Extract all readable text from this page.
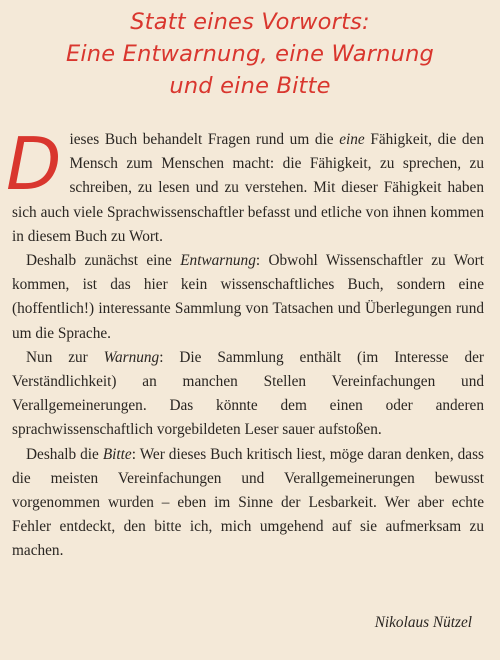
Statt eines Vorworts:
Eine Entwarnung, eine Warnung
und eine Bitte

Dieses Buch behandelt Fragen rund um die eine Fähigkeit, die den Mensch zum Menschen macht: die Fähigkeit, zu sprechen, zu schreiben, zu lesen und zu verstehen. Mit dieser Fähigkeit haben sich auch viele Sprachwissenschaftler befasst und etliche von ihnen kommen in diesem Buch zu Wort.

Deshalb zunächst eine Entwarnung: Obwohl Wissenschaftler zu Wort kommen, ist das hier kein wissenschaftliches Buch, sondern eine (hoffentlich!) interessante Sammlung von Tatsachen und Überlegungen rund um die Sprache.

Nun zur Warnung: Die Sammlung enthält (im Interesse der Verständlichkeit) an manchen Stellen Vereinfachungen und Verallgemeinerungen. Das könnte dem einen oder anderen sprachwissenschaftlich vorgebildeten Leser sauer aufstoßen.

Deshalb die Bitte: Wer dieses Buch kritisch liest, möge daran denken, dass die meisten Vereinfachungen und Verallgemeinerungen bewusst vorgenommen wurden – eben im Sinne der Lesbarkeit. Wer aber echte Fehler entdeckt, den bitte ich, mich umgehend auf sie aufmerksam zu machen.

Nikolaus Nützel
